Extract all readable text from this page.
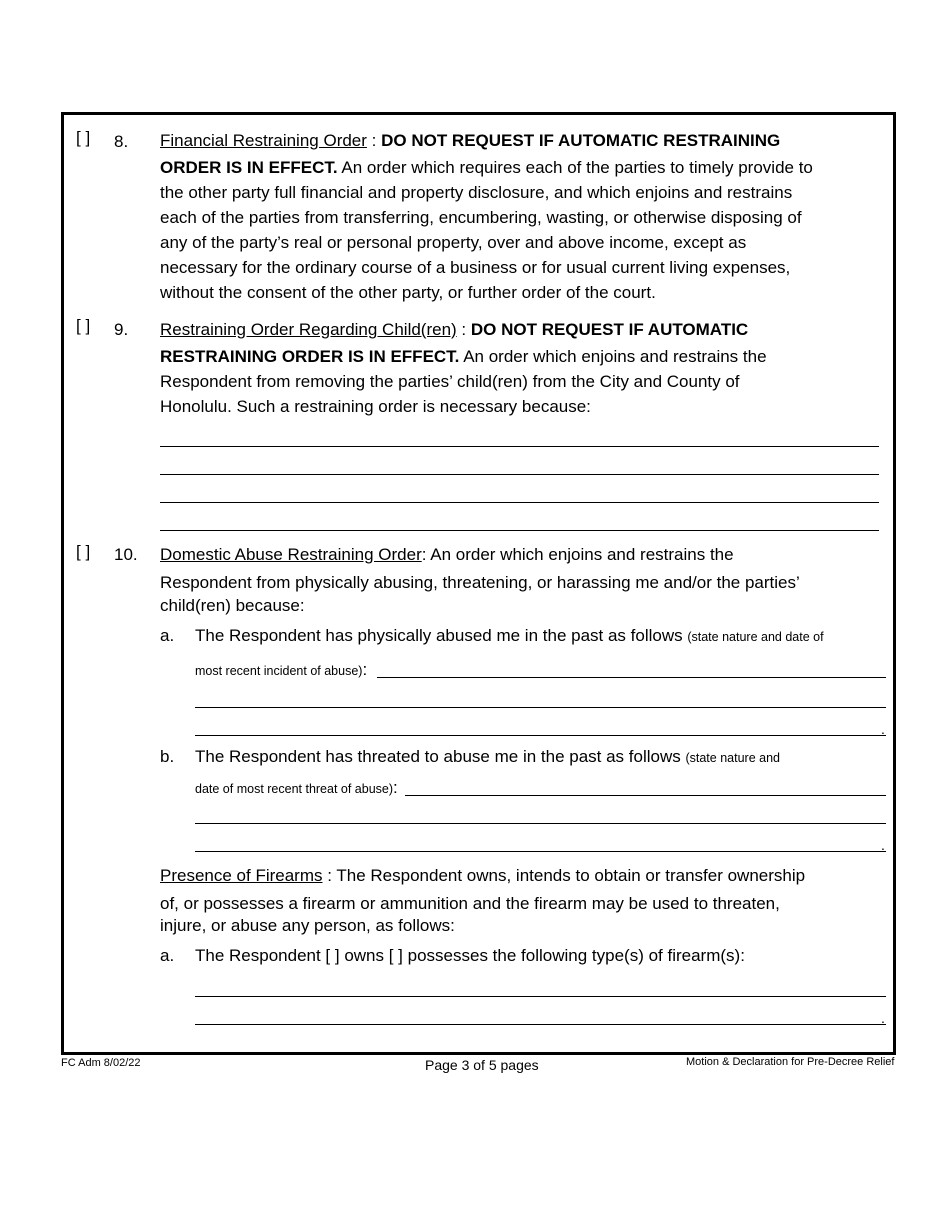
[ ] 8. Financial Restraining Order : DO NOT REQUEST IF AUTOMATIC RESTRAINING
ORDER IS IN EFFECT. An order which requires each of the parties to timely provide to
the other party full financial and property disclosure, and which enjoins and restrains
each of the parties from transferring, encumbering, wasting, or otherwise disposing of
any of the party’s real or personal property, over and above income, except as
necessary for the ordinary course of a business or for usual current living expenses,
without the consent of the other party, or further order of the court.
[ ] 9. Restraining Order Regarding Child(ren) : DO NOT REQUEST IF AUTOMATIC
RESTRAINING ORDER IS IN EFFECT. An order which enjoins and restrains the
Respondent from removing the parties’ child(ren) from the City and County of
Honolulu. Such a restraining order is necessary because:
[ ] 10. Domestic Abuse Restraining Order: An order which enjoins and restrains the
Respondent from physically abusing, threatening, or harassing me and/or the parties’
child(ren) because:
a. The Respondent has physically abused me in the past as follows (state nature and date of
most recent incident of abuse):
.
b. The Respondent has threated to abuse me in the past as follows (state nature and
date of most recent threat of abuse):
.
Presence of Firearms : The Respondent owns, intends to obtain or transfer ownership
of, or possesses a firearm or ammunition and the firearm may be used to threaten,
injure, or abuse any person, as follows:
a. The Respondent [ ] owns [ ] possesses the following type(s) of firearm(s):
.
FC Adm 8/02/22	Page 3 of 5 pages	Motion & Declaration for Pre-Decree Relief
